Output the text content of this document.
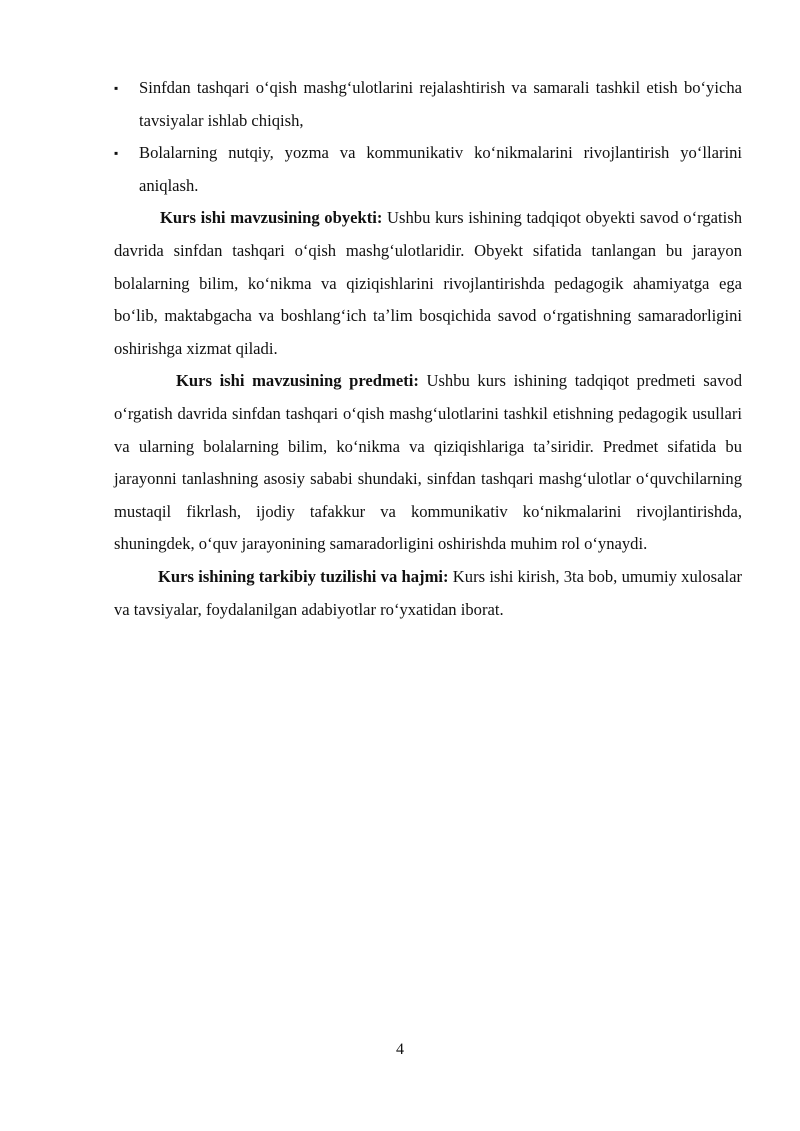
▪	Sinfdan tashqari oʻqish mashgʻulotlarini rejalashtirish va samarali tashkil etish boʻyicha tavsiyalar ishlab chiqish,
▪	Bolalarning nutqiy, yozma va kommunikativ koʻnikmalarini rivojlantirish yoʻllarini aniqlash.

Kurs ishi mavzusining obyekti: Ushbu kurs ishining tadqiqot obyekti savod oʻrgatish davrida sinfdan tashqari oʻqish mashgʻulotlaridir. Obyekt sifatida tanlangan bu jarayon bolalarning bilim, koʻnikma va qiziqishlarini rivojlantirishda pedagogik ahamiyatga ega boʻlib, maktabgacha va boshlangʻich taʼlim bosqichida savod oʻrgatishning samaradorligini oshirishga xizmat qiladi.

Kurs ishi mavzusining predmeti: Ushbu kurs ishining tadqiqot predmeti savod oʻrgatish davrida sinfdan tashqari oʻqish mashgʻulotlarini tashkil etishning pedagogik usullari va ularning bolalarning bilim, koʻnikma va qiziqishlariga taʼsiridir. Predmet sifatida bu jarayonni tanlashning asosiy sababi shundaki, sinfdan tashqari mashgʻulotlar oʻquvchilarning mustaqil fikrlash, ijodiy tafakkur va kommunikativ koʻnikmalarini rivojlantirishda, shuningdek, oʻquv jarayonining samaradorligini oshirishda muhim rol oʻynaydi.

Kurs ishining tarkibiy tuzilishi va hajmi: Kurs ishi kirish, 3ta bob, umumiy xulosalar va tavsiyalar, foydalanilgan adabiyotlar roʻyxatidan iborat.

4
